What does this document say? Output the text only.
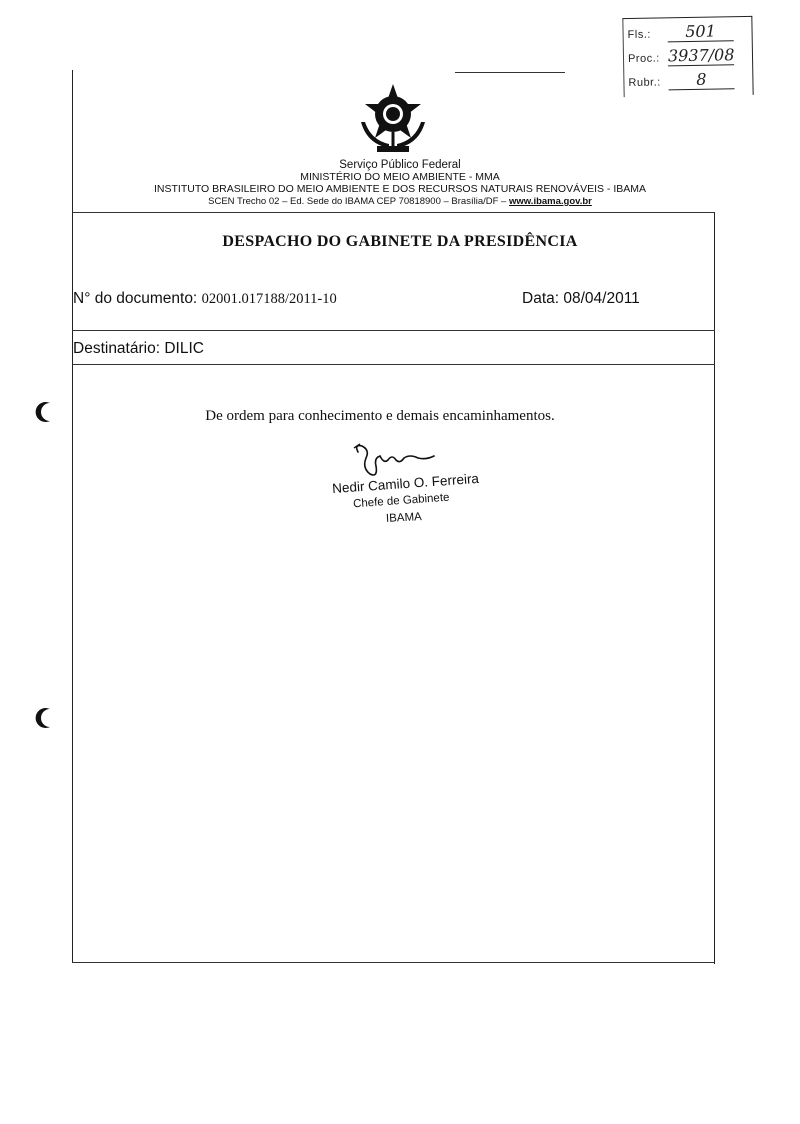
Fls.: 501
Proc.: 3937/08
Rubr.: 8
Serviço Público Federal
MINISTÉRIO DO MEIO AMBIENTE - MMA
INSTITUTO BRASILEIRO DO MEIO AMBIENTE E DOS RECURSOS NATURAIS RENOVÁVEIS - IBAMA
SCEN Trecho 02 – Ed. Sede do IBAMA CEP 70818900 – Brasília/DF – www.ibama.gov.br
DESPACHO DO GABINETE DA PRESIDÊNCIA
N° do documento: 02001.017188/2011-10	Data: 08/04/2011
Destinatário: DILIC
De ordem para conhecimento e demais encaminhamentos.
Nedir Camilo O. Ferreira
Chefe de Gabinete
IBAMA
